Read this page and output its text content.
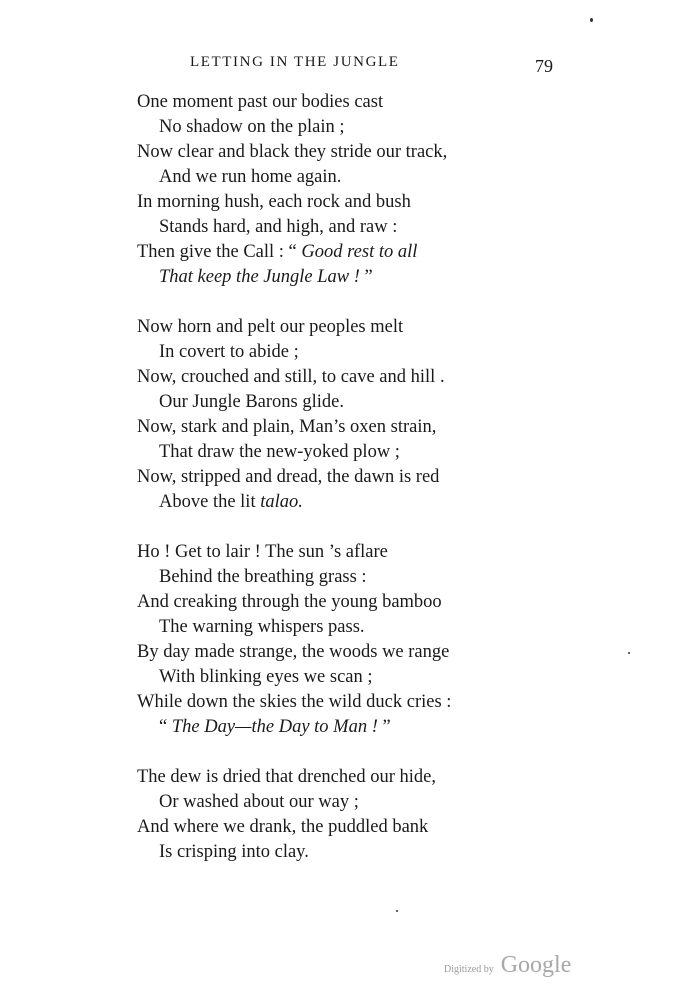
LETTING IN THE JUNGLE	79
One moment past our bodies cast
No shadow on the plain ;
Now clear and black they stride our track,
And we run home again.
In morning hush, each rock and bush
Stands hard, and high, and raw :
Then give the Call : “ Good rest to all
That keep the Jungle Law ! ”
Now horn and pelt our peoples melt
In covert to abide ;
Now, crouched and still, to cave and hill .
Our Jungle Barons glide.
Now, stark and plain, Man’s oxen strain,
That draw the new-yoked plow ;
Now, stripped and dread, the dawn is red
Above the lit talao.
Ho ! Get to lair ! The sun ’s aflare
Behind the breathing grass :
And creaking through the young bamboo
The warning whispers pass.
By day made strange, the woods we range
With blinking eyes we scan ;
While down the skies the wild duck cries :
“ The Day—the Day to Man ! ”
The dew is dried that drenched our hide,
Or washed about our way ;
And where we drank, the puddled bank
Is crisping into clay.
Digitized by Google
